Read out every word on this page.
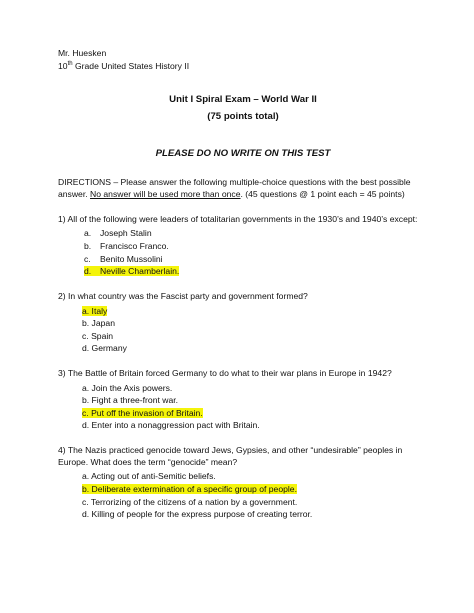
Mr. Huesken

10th Grade United States History II

Unit I Spiral Exam – World War II

(75 points total)

PLEASE DO NO WRITE ON THIS TEST

DIRECTIONS – Please answer the following multiple-choice questions with the best possible answer. No answer will be used more than once. (45 questions @ 1 point each = 45 points)

1) All of the following were leaders of totalitarian governments in the 1930’s and 1940’s except:

a. Joseph Stalin
b. Francisco Franco.
c. Benito Mussolini
d. Neville Chamberlain.

2) In what country was the Fascist party and government formed?

a. Italy
b. Japan
c. Spain
d. Germany

3) The Battle of Britain forced Germany to do what to their war plans in Europe in 1942?

a. Join the Axis powers.
b. Fight a three-front war.
c. Put off the invasion of Britain.
d. Enter into a nonaggression pact with Britain.

4) The Nazis practiced genocide toward Jews, Gypsies, and other “undesirable” peoples in Europe. What does the term “genocide” mean?

a. Acting out of anti-Semitic beliefs.
b. Deliberate extermination of a specific group of people.
c. Terrorizing of the citizens of a nation by a government.
d. Killing of people for the express purpose of creating terror.
